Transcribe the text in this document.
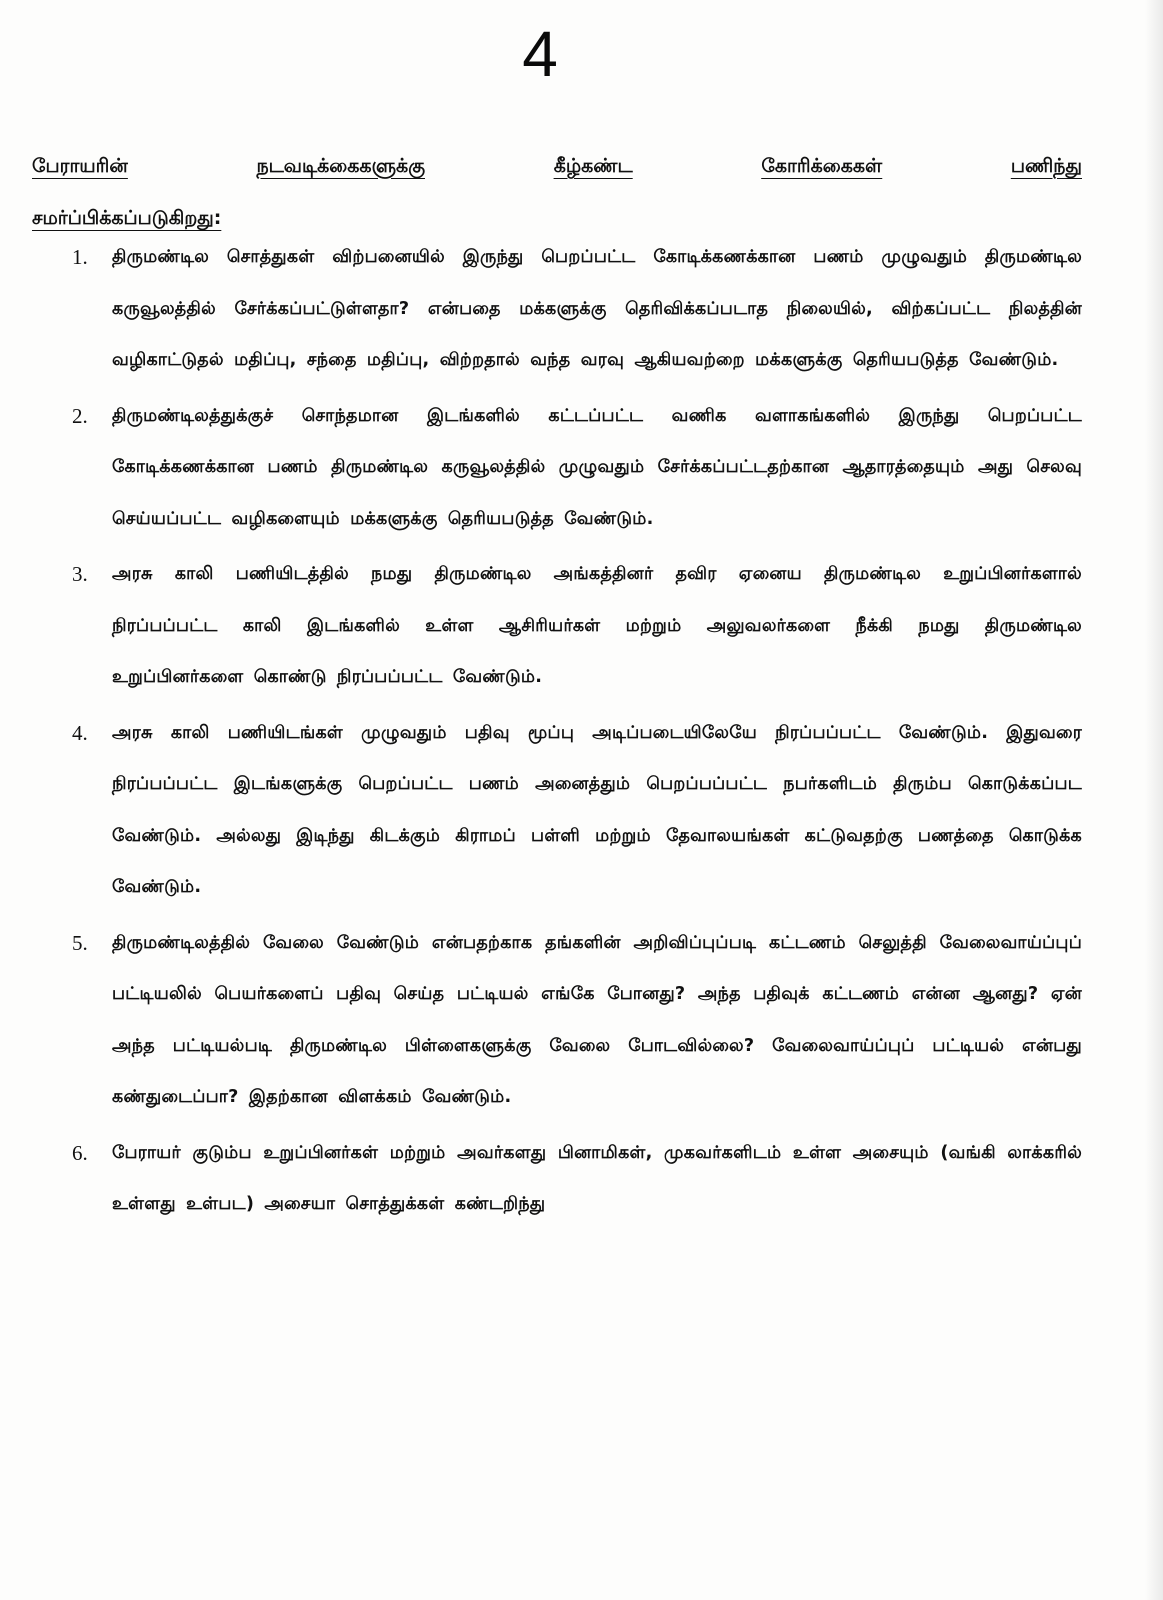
4
பேராயரின்	நடவடிக்கைகளுக்கு	கீழ்கண்ட	கோரிக்கைகள்	பணிந்து
சமர்ப்பிக்கப்படுகிறது:
1. திருமண்டில சொத்துகள் விற்பனையில் இருந்து பெறப்பட்ட கோடிக்கணக்கான பணம் முழுவதும் திருமண்டில கருவூலத்தில் சேர்க்கப்பட்டுள்ளதா? என்பதை மக்களுக்கு தெரிவிக்கப்படாத நிலையில், விற்கப்பட்ட நிலத்தின் வழிகாட்டுதல் மதிப்பு, சந்தை மதிப்பு, விற்றதால் வந்த வரவு ஆகியவற்றை மக்களுக்கு தெரியபடுத்த வேண்டும்.
2. திருமண்டிலத்துக்குச் சொந்தமான இடங்களில் கட்டப்பட்ட வணிக வளாகங்களில் இருந்து பெறப்பட்ட கோடிக்கணக்கான பணம் திருமண்டில கருவூலத்தில் முழுவதும் சேர்க்கப்பட்டதற்கான ஆதாரத்தையும் அது செலவு செய்யப்பட்ட வழிகளையும் மக்களுக்கு தெரியபடுத்த வேண்டும்.
3. அரசு காலி பணியிடத்தில் நமது திருமண்டில அங்கத்தினர் தவிர ஏனைய திருமண்டில உறுப்பினர்களால் நிரப்பப்பட்ட காலி இடங்களில் உள்ள ஆசிரியர்கள் மற்றும் அலுவலர்களை நீக்கி நமது திருமண்டில உறுப்பினர்களை கொண்டு நிரப்பப்பட்ட வேண்டும்.
4. அரசு காலி பணியிடங்கள் முழுவதும் பதிவு மூப்பு அடிப்படையிலேயே நிரப்பப்பட்ட வேண்டும். இதுவரை நிரப்பப்பட்ட இடங்களுக்கு பெறப்பட்ட பணம் அனைத்தும் பெறப்பப்பட்ட நபர்களிடம் திரும்ப கொடுக்கப்பட வேண்டும். அல்லது இடிந்து கிடக்கும் கிராமப் பள்ளி மற்றும் தேவாலயங்கள் கட்டுவதற்கு பணத்தை கொடுக்க வேண்டும்.
5. திருமண்டிலத்தில் வேலை வேண்டும் என்பதற்காக தங்களின் அறிவிப்புப்படி கட்டணம் செலுத்தி வேலைவாய்ப்புப் பட்டியலில் பெயர்களைப் பதிவு செய்த பட்டியல் எங்கே போனது? அந்த பதிவுக் கட்டணம் என்ன ஆனது? ஏன் அந்த பட்டியல்படி திருமண்டில பிள்ளைகளுக்கு வேலை போடவில்லை? வேலைவாய்ப்புப் பட்டியல் என்பது கண்துடைப்பா? இதற்கான விளக்கம் வேண்டும்.
6. பேராயர் குடும்ப உறுப்பினர்கள் மற்றும் அவர்களது பினாமிகள், முகவர்களிடம் உள்ள அசையும் (வங்கி லாக்கரில் உள்ளது உள்பட) அசையா சொத்துக்கள் கண்டறிந்து
